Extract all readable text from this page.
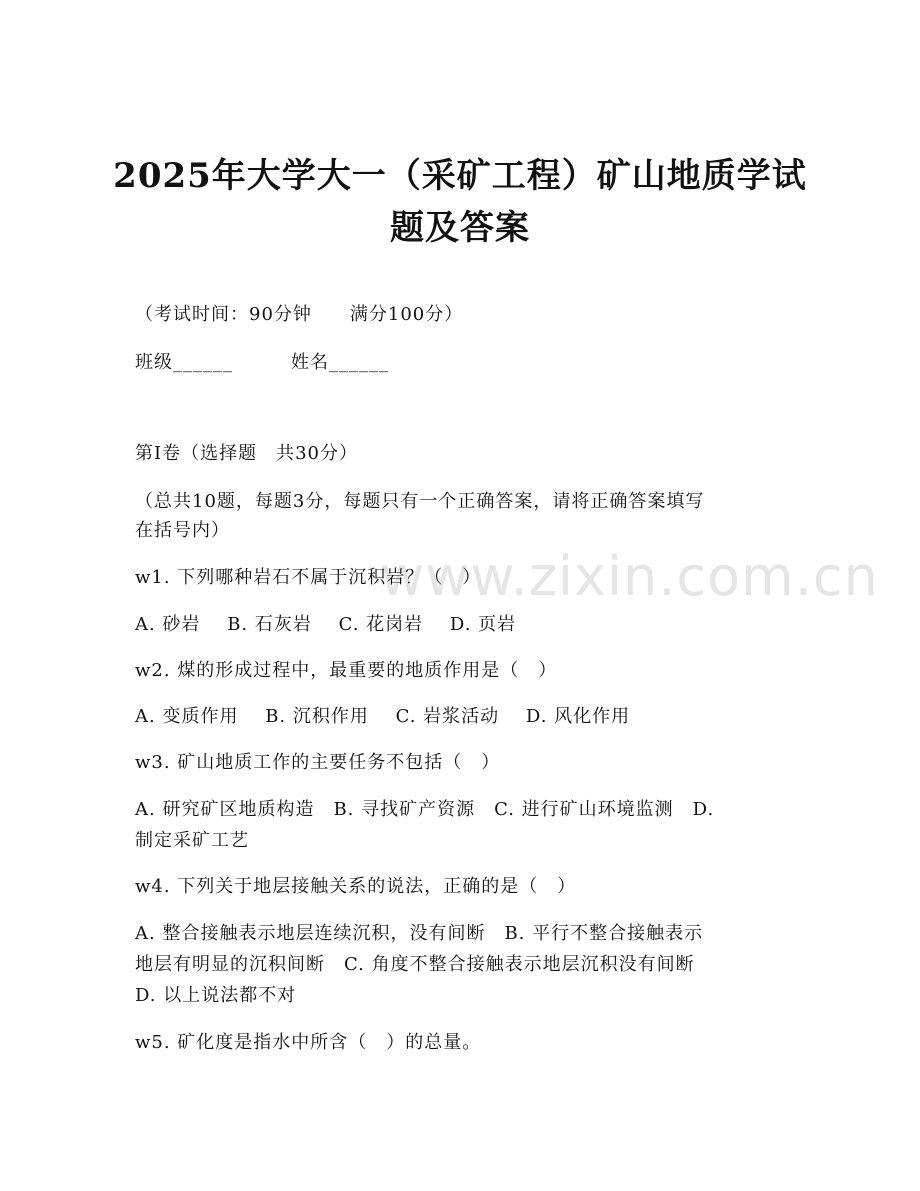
www.zixin.com.cn
2025年大学大一（采矿工程）矿山地质学试
题及答案
（考试时间：90分钟　　满分100分）
班级______	姓名______
第I卷（选择题　共30分）
（总共10题，每题3分，每题只有一个正确答案，请将正确答案填写
在括号内）
w1. 下列哪种岩石不属于沉积岩？（　）
A. 砂岩 B. 石灰岩 C. 花岗岩 D. 页岩
w2. 煤的形成过程中，最重要的地质作用是（　）
A. 变质作用 B. 沉积作用 C. 岩浆活动 D. 风化作用
w3. 矿山地质工作的主要任务不包括（　）
A. 研究矿区地质构造　B. 寻找矿产资源　C. 进行矿山环境监测　D.
制定采矿工艺
w4. 下列关于地层接触关系的说法，正确的是（　）
A. 整合接触表示地层连续沉积，没有间断　B. 平行不整合接触表示
地层有明显的沉积间断　C. 角度不整合接触表示地层沉积没有间断
D. 以上说法都不对
w5. 矿化度是指水中所含（　）的总量。
